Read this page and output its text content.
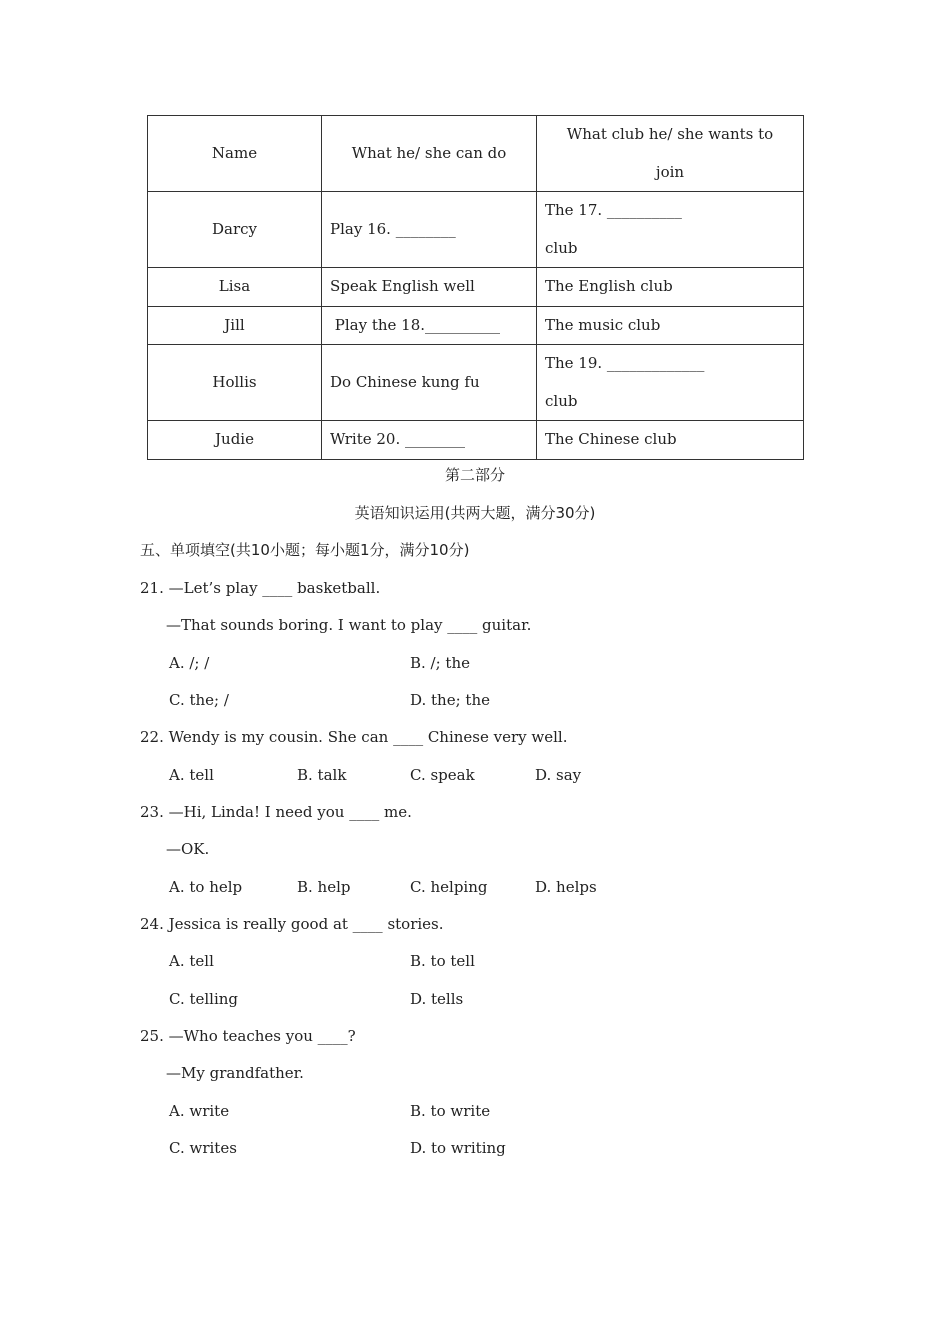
Name	What he/ she can do	What club he/ she wants to
join
Darcy	Play 16. ________	The 17. __________
club
Lisa	Speak English well	The English club
Jill	Play the 18.__________	The music club
Hollis	Do Chinese kung fu	The 19. _____________
club
Judie	Write 20. ________	The Chinese club
第二部分
英语知识运用(共两大题，满分30分)
五、单项填空(共10小题；每小题1分，满分10分)
21. —Let’s play ____ basketball.
—That sounds boring. I want to play ____ guitar.
A. /; /	B. /; the
C. the; /	D. the; the
22. Wendy is my cousin. She can ____ Chinese very well.
A. tell	B. talk	C. speak	D. say
23. —Hi, Linda! I need you ____ me.
—OK.
A. to help	B. help	C. helping	D. helps
24. Jessica is really good at ____ stories.
A. tell	B. to tell
C. telling	D. tells
25. —Who teaches you ____?
—My grandfather.
A. write	B. to write
C. writes	D. to writing
